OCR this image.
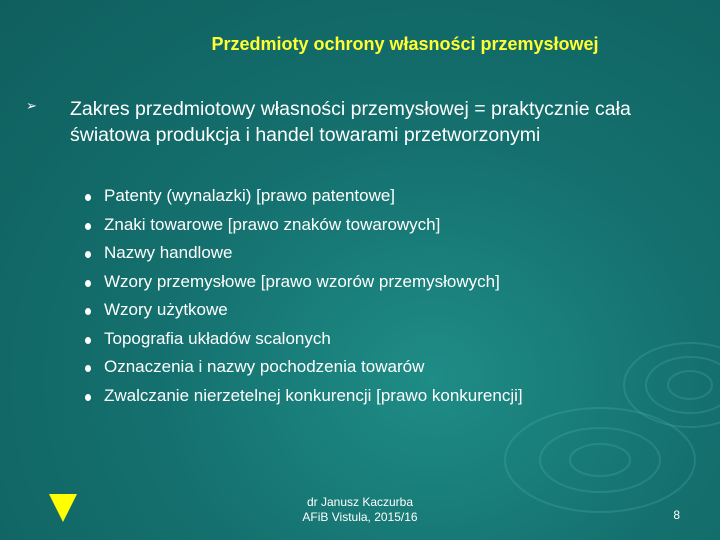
Przedmioty ochrony własności przemysłowej
➢ Zakres przedmiotowy własności przemysłowej = praktycznie cała światowa produkcja i handel towarami przetworzonymi
Patenty (wynalazki) [prawo patentowe]
Znaki towarowe [prawo znaków towarowych]
Nazwy handlowe
Wzory przemysłowe [prawo wzorów przemysłowych]
Wzory użytkowe
Topografia układów scalonych
Oznaczenia i nazwy pochodzenia towarów
Zwalczanie nierzetelnej konkurencji [prawo konkurencji]
dr Janusz Kaczurba
AFiB Vistula, 2015/16	8
